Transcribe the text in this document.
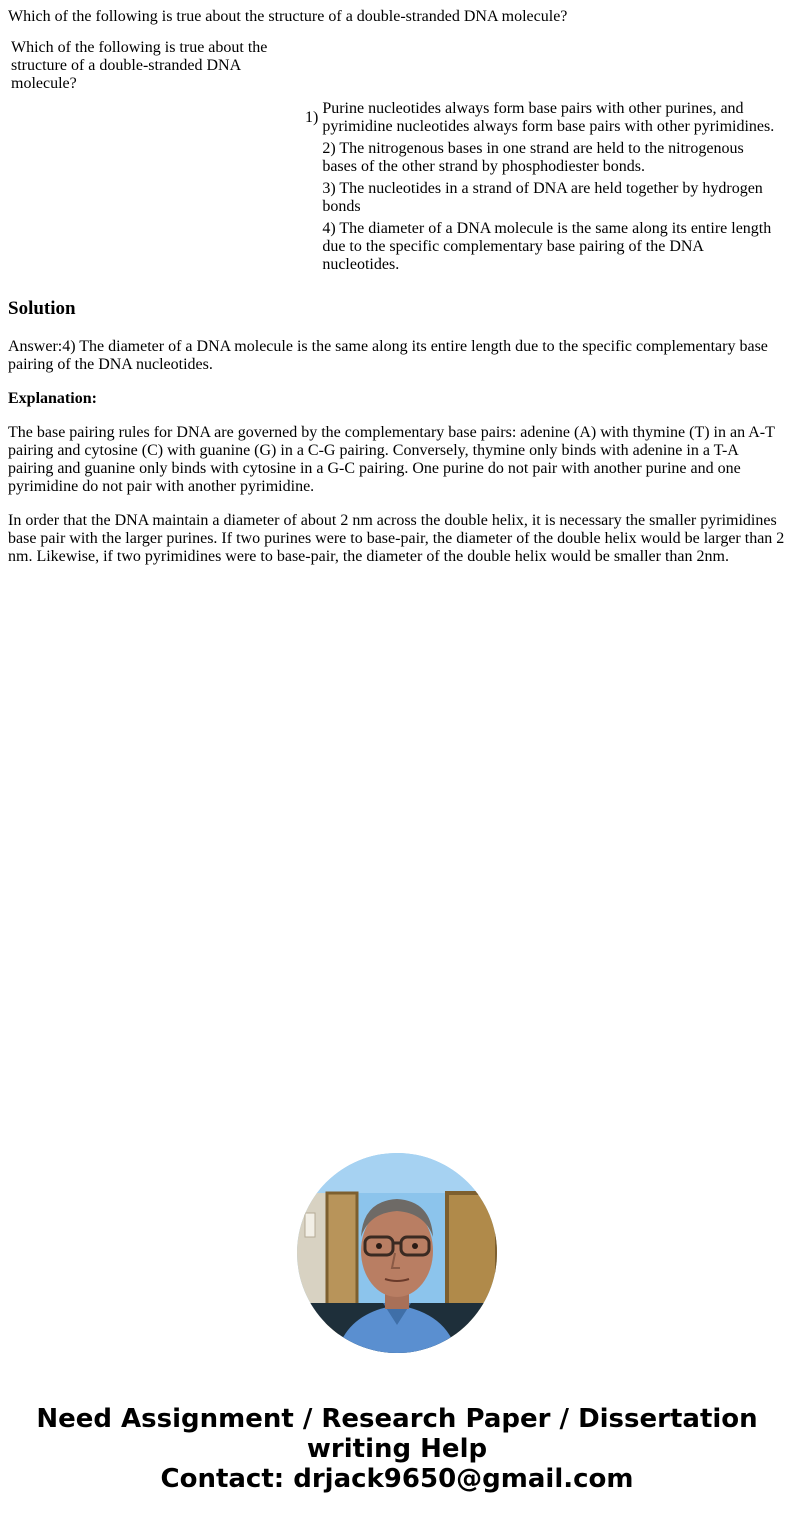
Which of the following is true about the structure of a double-stranded DNA molecule?
Which of the following is true about the structure of a double-stranded DNA molecule?	

1)	Purine nucleotides always form base pairs with other purines, and pyrimidine nucleotides always form base pairs with other pyrimidines.
	2) The nitrogenous bases in one strand are held to the nitrogenous bases of the other strand by phosphodiester bonds.
	3) The nucleotides in a strand of DNA are held together by hydrogen bonds
	4) The diameter of a DNA molecule is the same along its entire length due to the specific complementary base pairing of the DNA nucleotides.
Solution

Answer:4) The diameter of a DNA molecule is the same along its entire length due to the specific complementary base pairing of the DNA nucleotides.

Explanation:

The base pairing rules for DNA are governed by the complementary base pairs: adenine (A) with thymine (T) in an A-T pairing and cytosine (C) with guanine (G) in a C-G pairing. Conversely, thymine only binds with adenine in a T-A pairing and guanine only binds with cytosine in a G-C pairing. One purine do not pair with another purine and one pyrimidine do not pair with another pyrimidine.

In order that the DNA maintain a diameter of about 2 nm across the double helix, it is necessary the smaller pyrimidines base pair with the larger purines. If two purines were to base-pair, the diameter of the double helix would be larger than 2 nm. Likewise, if two pyrimidines were to base-pair, the diameter of the double helix would be smaller than 2nm.

Need Assignment / Research Paper / Dissertation
writing Help
Contact: drjack9650@gmail.com
